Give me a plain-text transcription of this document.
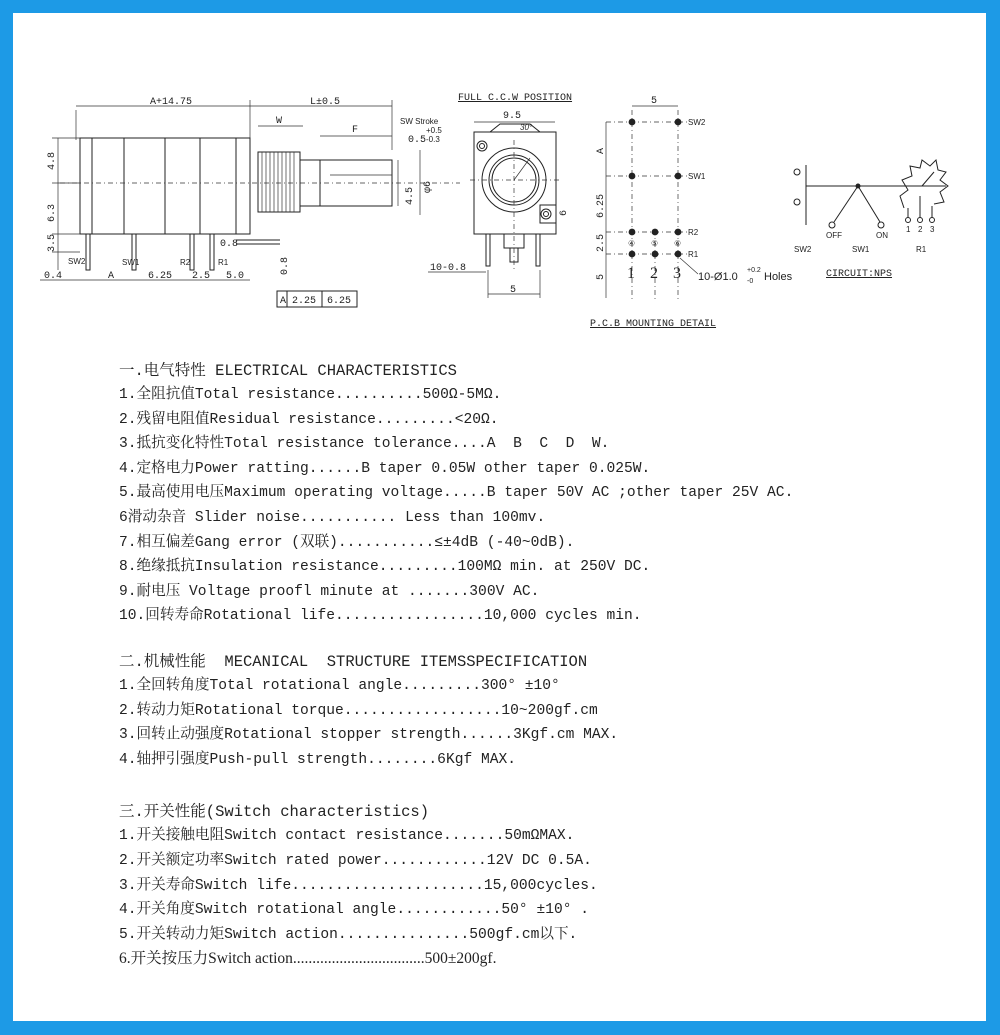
A+14.75	L±0.5
W
F
SW Stroke
+0.5
0.5 -0.3
4.5 φ6
4.8
6.3
3.5	0.8
0.8
SW2	SW1	R2	R1
0.4	A	6.25 2.5 5.0
A 2.25 6.25
FULL C.C.W POSITION
9.5
30°
6
10-0.8
5
5
A
6.25
2.5
5
SW2
SW1
R2
R1
④ ⑤ ⑥
1 2 3 10-Ø1.0
+0.2
-0 Holes
P.C.B MOUNTING DETAIL
OFF	ON
SW2	SW1
1 2 3
R1
CIRCUIT:NPS
一.电气特性 ELECTRICAL CHARACTERISTICS
1.全阻抗值Total resistance..........500Ω-5MΩ.
2.残留电阻值Residual resistance.........<20Ω.
3.抵抗变化特性Total resistance tolerance....A  B  C  D  W.
4.定格电力Power ratting......B taper 0.05W other taper 0.025W.
5.最高使用电压Maximum operating voltage.....B taper 50V AC ;other taper 25V AC.
6滑动杂音 Slider noise........... Less than 100mv.
7.相互偏差Gang error (双联)...........≤±4dB (-40~0dB).
8.绝缘抵抗Insulation resistance.........100MΩ min. at 250V DC.
9.耐电压 Voltage proofl minute at .......300V AC.
10.回转寿命Rotational life.................10,000 cycles min.
二.机械性能  MECANICAL  STRUCTURE ITEMSSPECIFICATION
1.全回转角度Total rotational angle.........300° ±10°
2.转动力矩Rotational torque..................10~200gf.cm
3.回转止动强度Rotational stopper strength......3Kgf.cm MAX.
4.轴押引强度Push-pull strength........6Kgf MAX.
三.开关性能(Switch characteristics)
1.开关接触电阻Switch contact resistance.......50mΩMAX.
2.开关额定功率Switch rated power............12V DC 0.5A.
3.开关寿命Switch life......................15,000cycles.
4.开关角度Switch rotational angle............50° ±10° .
5.开关转动力矩Switch action...............500gf.cm以下.
6.开关按压力Switch action..................................500±200gf.
